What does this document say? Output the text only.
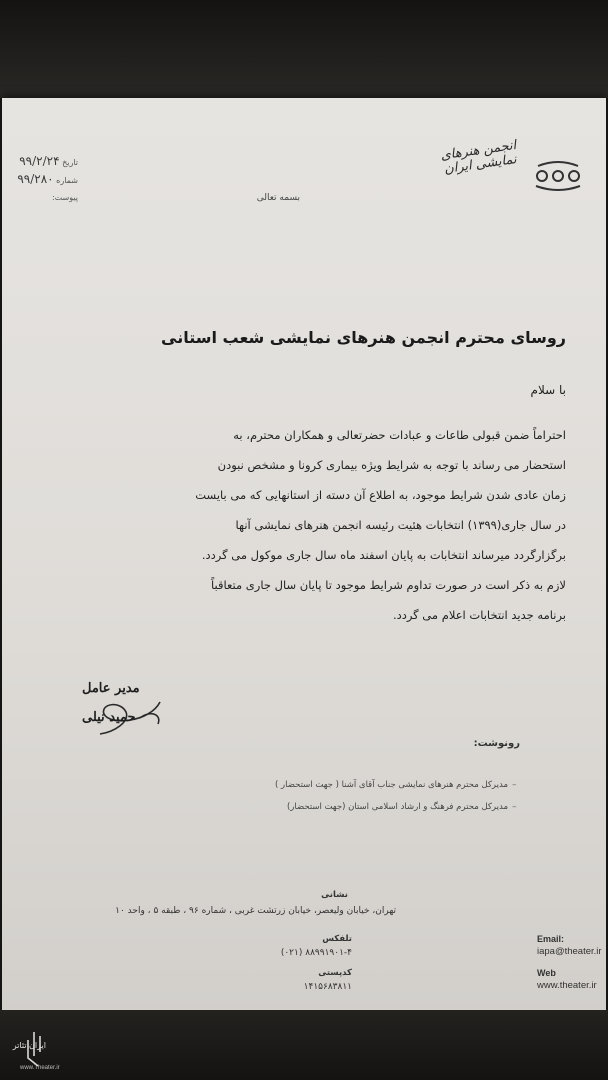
انجمن هنرهای نمایشی ایران
تاریخ ۹۹/۲/۲۴
شماره ۹۹/۲۸۰
پیوست:	بسمه تعالی
روسای محترم انجمن هنرهای نمایشی شعب استانی
با سلام
احتراماً ضمن قبولی طاعات و عبادات حضرتعالی و همکاران محترم، به
استحضار می رساند با توجه به شرایط ویژه بیماری کرونا و مشخص نبودن
زمان عادی شدن شرایط موجود، به اطلاع آن دسته از استانهایی که می بایست
در سال جاری(۱۳۹۹) انتخابات هئیت رئیسه انجمن هنرهای نمایشی آنها
برگزارگردد میرساند انتخابات به پایان اسفند ماه سال جاری موکول می گردد.
لازم به ذکر است در صورت تداوم شرایط موجود تا پایان سال جاری متعاقباً
برنامه جدید انتخابات اعلام می گردد.
مدیر عامل
حمید نیلی
رونوشت:
–
مدیرکل محترم هنرهای نمایشی جناب آقای آشنا ( جهت استحضار )
–
مدیرکل محترم فرهنگ و ارشاد اسلامی استان (جهت استحضار)
نشانی
تهران، خیابان ولیعصر، خیابان زرتشت غربی ، شماره ۹۶ ، طبقه ۵ ، واحد ۱۰
تلفکس
۸۸۹۹۱۹۰۱-۴ (۰۲۱)
کدپستی
۱۴۱۵۶۸۳۸۱۱
Email:
iapa@theater.ir
Web
www.theater.ir
ایران تئاتر
www.Theater.ir
